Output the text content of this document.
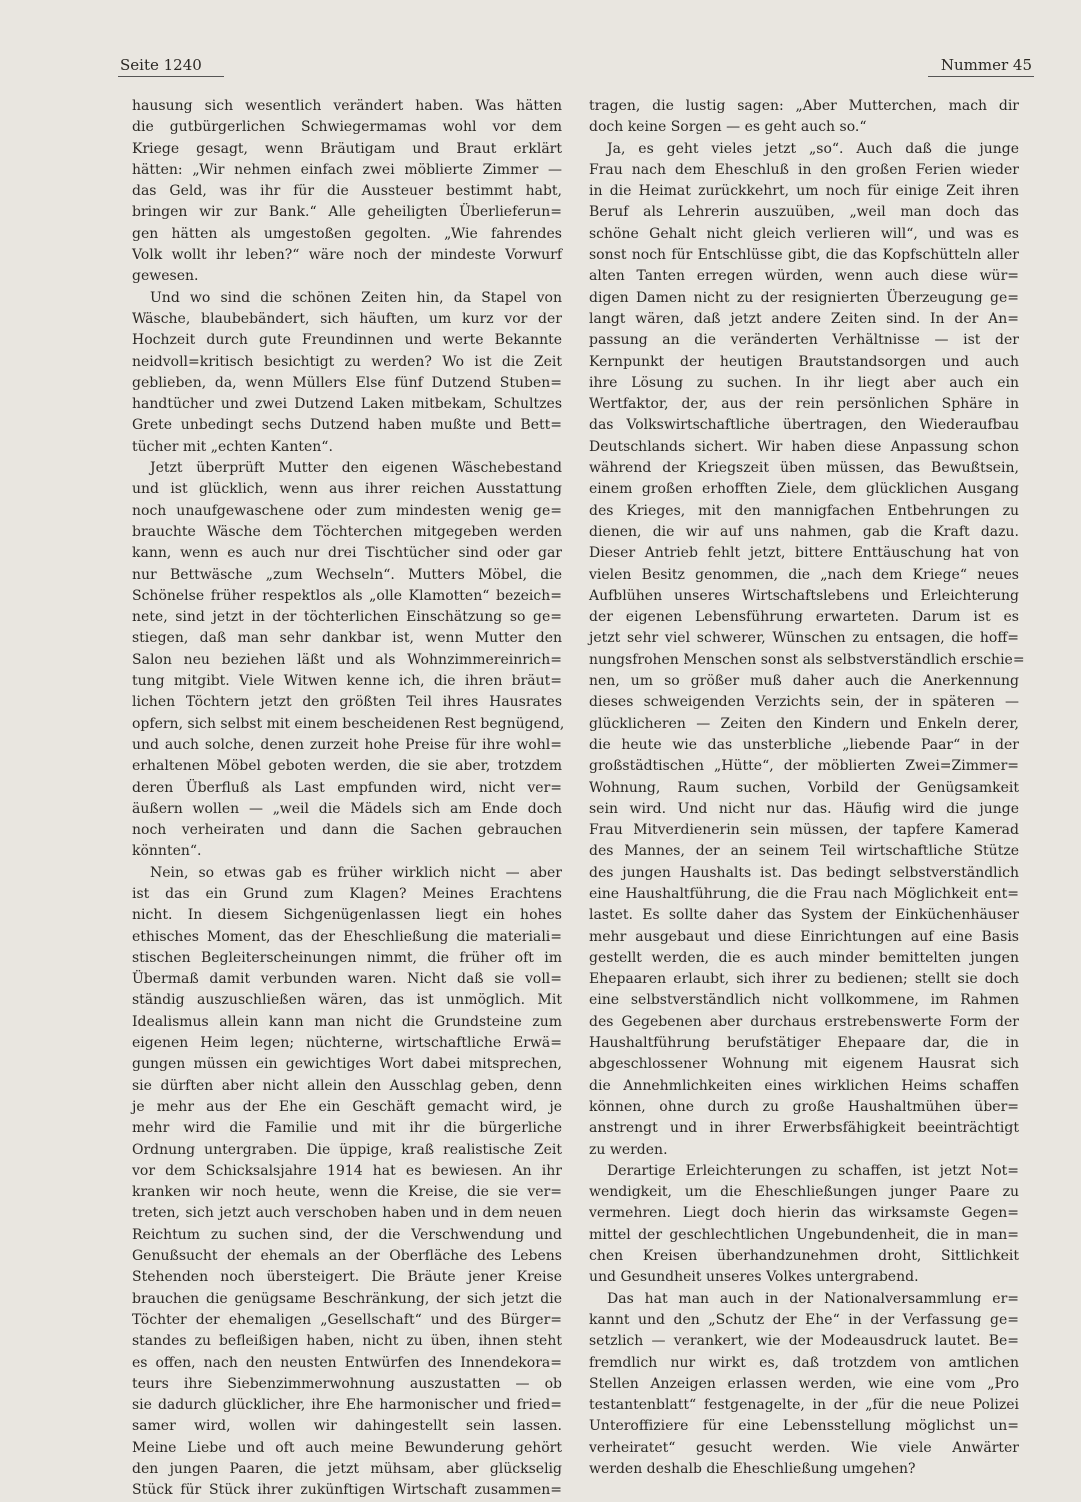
Seite 1240	Nummer 45
hausung sich wesentlich verändert haben. Was hätten
die gutbürgerlichen Schwiegermamas wohl vor dem
Kriege gesagt, wenn Bräutigam und Braut erklärt
hätten: „Wir nehmen einfach zwei möblierte Zimmer —
das Geld, was ihr für die Aussteuer bestimmt habt,
bringen wir zur Bank.“ Alle geheiligten Überlieferun=
gen hätten als umgestoßen gegolten. „Wie fahrendes
Volk wollt ihr leben?“ wäre noch der mindeste Vorwurf
gewesen.
Und wo sind die schönen Zeiten hin, da Stapel von
Wäsche, blaubebändert, sich häuften, um kurz vor der
Hochzeit durch gute Freundinnen und werte Bekannte
neidvoll=kritisch besichtigt zu werden? Wo ist die Zeit
geblieben, da, wenn Müllers Else fünf Dutzend Stuben=
handtücher und zwei Dutzend Laken mitbekam, Schultzes
Grete unbedingt sechs Dutzend haben mußte und Bett=
tücher mit „echten Kanten“.
Jetzt überprüft Mutter den eigenen Wäschebestand
und ist glücklich, wenn aus ihrer reichen Ausstattung
noch unaufgewaschene oder zum mindesten wenig ge=
brauchte Wäsche dem Töchterchen mitgegeben werden
kann, wenn es auch nur drei Tischtücher sind oder gar
nur Bettwäsche „zum Wechseln“. Mutters Möbel, die
Schönelse früher respektlos als „olle Klamotten“ bezeich=
nete, sind jetzt in der töchterlichen Einschätzung so ge=
stiegen, daß man sehr dankbar ist, wenn Mutter den
Salon neu beziehen läßt und als Wohnzimmereinrich=
tung mitgibt. Viele Witwen kenne ich, die ihren bräut=
lichen Töchtern jetzt den größten Teil ihres Hausrates
opfern, sich selbst mit einem bescheidenen Rest begnügend,
und auch solche, denen zurzeit hohe Preise für ihre wohl=
erhaltenen Möbel geboten werden, die sie aber, trotzdem
deren Überfluß als Last empfunden wird, nicht ver=
äußern wollen — „weil die Mädels sich am Ende doch
noch verheiraten und dann die Sachen gebrauchen
könnten“.
Nein, so etwas gab es früher wirklich nicht — aber
ist das ein Grund zum Klagen? Meines Erachtens
nicht. In diesem Sichgenügenlassen liegt ein hohes
ethisches Moment, das der Eheschließung die materiali=
stischen Begleiterscheinungen nimmt, die früher oft im
Übermaß damit verbunden waren. Nicht daß sie voll=
ständig auszuschließen wären, das ist unmöglich. Mit
Idealismus allein kann man nicht die Grundsteine zum
eigenen Heim legen; nüchterne, wirtschaftliche Erwä=
gungen müssen ein gewichtiges Wort dabei mitsprechen,
sie dürften aber nicht allein den Ausschlag geben, denn
je mehr aus der Ehe ein Geschäft gemacht wird, je
mehr wird die Familie und mit ihr die bürgerliche
Ordnung untergraben. Die üppige, kraß realistische Zeit
vor dem Schicksalsjahre 1914 hat es bewiesen. An ihr
kranken wir noch heute, wenn die Kreise, die sie ver=
treten, sich jetzt auch verschoben haben und in dem neuen
Reichtum zu suchen sind, der die Verschwendung und
Genußsucht der ehemals an der Oberfläche des Lebens
Stehenden noch übersteigert. Die Bräute jener Kreise
brauchen die genügsame Beschränkung, der sich jetzt die
Töchter der ehemaligen „Gesellschaft“ und des Bürger=
standes zu befleißigen haben, nicht zu üben, ihnen steht
es offen, nach den neusten Entwürfen des Innendekora=
teurs ihre Siebenzimmerwohnung auszustatten — ob
sie dadurch glücklicher, ihre Ehe harmonischer und fried=
samer wird, wollen wir dahingestellt sein lassen.
Meine Liebe und oft auch meine Bewunderung gehört
den jungen Paaren, die jetzt mühsam, aber glückselig
Stück für Stück ihrer zukünftigen Wirtschaft zusammen=
tragen, die lustig sagen: „Aber Mutterchen, mach dir
doch keine Sorgen — es geht auch so.“
Ja, es geht vieles jetzt „so“. Auch daß die junge
Frau nach dem Eheschluß in den großen Ferien wieder
in die Heimat zurückkehrt, um noch für einige Zeit ihren
Beruf als Lehrerin auszuüben, „weil man doch das
schöne Gehalt nicht gleich verlieren will“, und was es
sonst noch für Entschlüsse gibt, die das Kopfschütteln aller
alten Tanten erregen würden, wenn auch diese wür=
digen Damen nicht zu der resignierten Überzeugung ge=
langt wären, daß jetzt andere Zeiten sind. In der An=
passung an die veränderten Verhältnisse — ist der
Kernpunkt der heutigen Brautstandsorgen und auch
ihre Lösung zu suchen. In ihr liegt aber auch ein
Wertfaktor, der, aus der rein persönlichen Sphäre in
das Volkswirtschaftliche übertragen, den Wiederaufbau
Deutschlands sichert. Wir haben diese Anpassung schon
während der Kriegszeit üben müssen, das Bewußtsein,
einem großen erhofften Ziele, dem glücklichen Ausgang
des Krieges, mit den mannigfachen Entbehrungen zu
dienen, die wir auf uns nahmen, gab die Kraft dazu.
Dieser Antrieb fehlt jetzt, bittere Enttäuschung hat von
vielen Besitz genommen, die „nach dem Kriege“ neues
Aufblühen unseres Wirtschaftslebens und Erleichterung
der eigenen Lebensführung erwarteten. Darum ist es
jetzt sehr viel schwerer, Wünschen zu entsagen, die hoff=
nungsfrohen Menschen sonst als selbstverständlich erschie=
nen, um so größer muß daher auch die Anerkennung
dieses schweigenden Verzichts sein, der in späteren —
glücklicheren — Zeiten den Kindern und Enkeln derer,
die heute wie das unsterbliche „liebende Paar“ in der
großstädtischen „Hütte“, der möblierten Zwei=Zimmer=
Wohnung, Raum suchen, Vorbild der Genügsamkeit
sein wird. Und nicht nur das. Häufig wird die junge
Frau Mitverdienerin sein müssen, der tapfere Kamerad
des Mannes, der an seinem Teil wirtschaftliche Stütze
des jungen Haushalts ist. Das bedingt selbstverständlich
eine Haushaltführung, die die Frau nach Möglichkeit ent=
lastet. Es sollte daher das System der Einküchenhäuser
mehr ausgebaut und diese Einrichtungen auf eine Basis
gestellt werden, die es auch minder bemittelten jungen
Ehepaaren erlaubt, sich ihrer zu bedienen; stellt sie doch
eine selbstverständlich nicht vollkommene, im Rahmen
des Gegebenen aber durchaus erstrebenswerte Form der
Haushaltführung berufstätiger Ehepaare dar, die in
abgeschlossener Wohnung mit eigenem Hausrat sich
die Annehmlichkeiten eines wirklichen Heims schaffen
können, ohne durch zu große Haushaltmühen über=
anstrengt und in ihrer Erwerbsfähigkeit beeinträchtigt
zu werden.
Derartige Erleichterungen zu schaffen, ist jetzt Not=
wendigkeit, um die Eheschließungen junger Paare zu
vermehren. Liegt doch hierin das wirksamste Gegen=
mittel der geschlechtlichen Ungebundenheit, die in man=
chen Kreisen überhandzunehmen droht, Sittlichkeit
und Gesundheit unseres Volkes untergrabend.
Das hat man auch in der Nationalversammlung er=
kannt und den „Schutz der Ehe“ in der Verfassung ge=
setzlich — verankert, wie der Modeausdruck lautet. Be=
fremdlich nur wirkt es, daß trotzdem von amtlichen
Stellen Anzeigen erlassen werden, wie eine vom „Pro
testantenblatt“ festgenagelte, in der „für die neue Polizei
Unteroffiziere für eine Lebensstellung möglichst un=
verheiratet“ gesucht werden. Wie viele Anwärter
werden deshalb die Eheschließung umgehen?
